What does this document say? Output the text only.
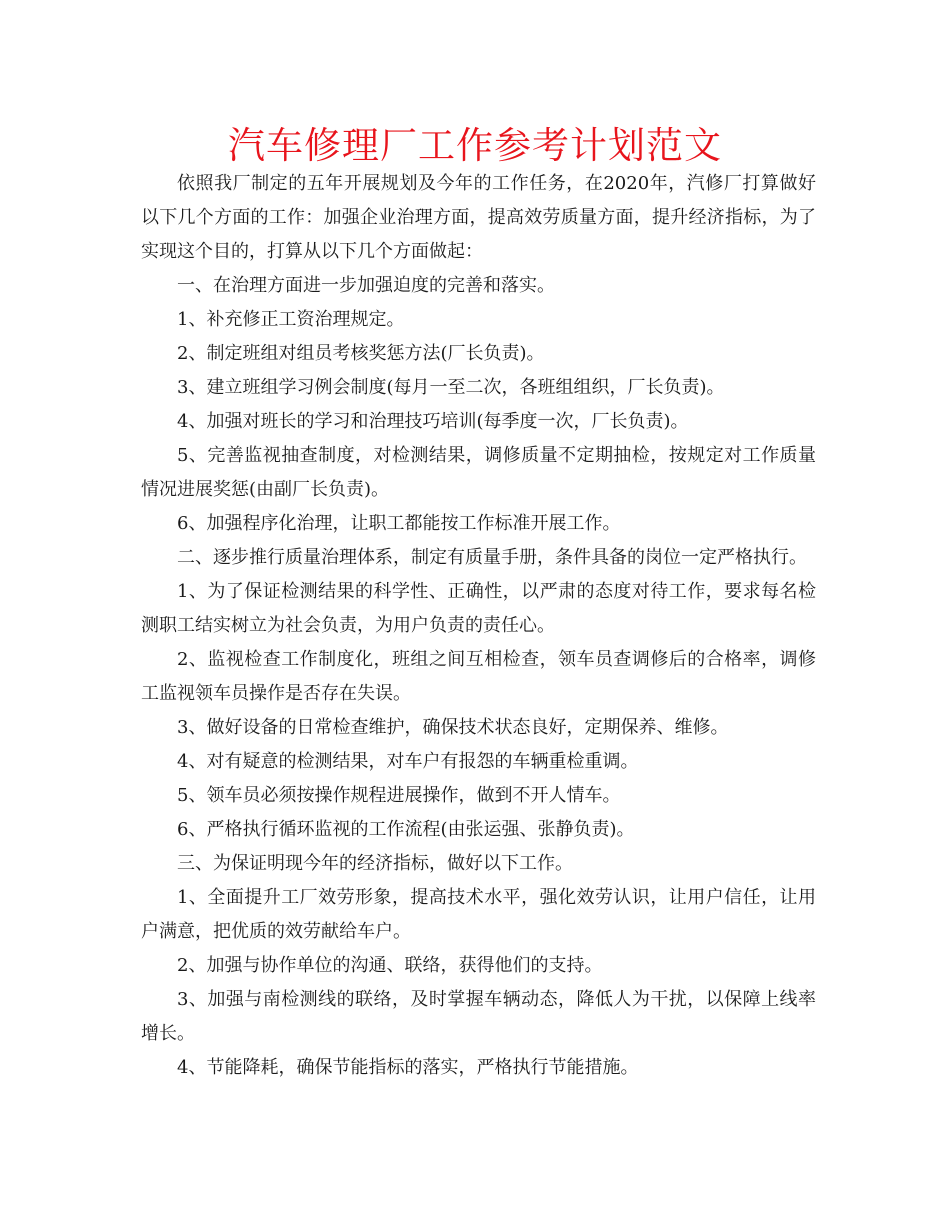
汽车修理厂工作参考计划范文

依照我厂制定的五年开展规划及今年的工作任务，在2020年，汽修厂打算做好以下几个方面的工作：加强企业治理方面，提高效劳质量方面，提升经济指标，为了实现这个目的，打算从以下几个方面做起：

一、在治理方面进一步加强迫度的完善和落实。

1、补充修正工资治理规定。

2、制定班组对组员考核奖惩方法(厂长负责)。

3、建立班组学习例会制度(每月一至二次，各班组组织，厂长负责)。

4、加强对班长的学习和治理技巧培训(每季度一次，厂长负责)。

5、完善监视抽查制度，对检测结果，调修质量不定期抽检，按规定对工作质量情况进展奖惩(由副厂长负责)。

6、加强程序化治理，让职工都能按工作标准开展工作。

二、逐步推行质量治理体系，制定有质量手册，条件具备的岗位一定严格执行。

1、为了保证检测结果的科学性、正确性，以严肃的态度对待工作，要求每名检测职工结实树立为社会负责，为用户负责的责任心。

2、监视检查工作制度化，班组之间互相检查，领车员查调修后的合格率，调修工监视领车员操作是否存在失误。

3、做好设备的日常检查维护，确保技术状态良好，定期保养、维修。

4、对有疑意的检测结果，对车户有报怨的车辆重检重调。

5、领车员必须按操作规程进展操作，做到不开人情车。

6、严格执行循环监视的工作流程(由张运强、张静负责)。

三、为保证明现今年的经济指标，做好以下工作。

1、全面提升工厂效劳形象，提高技术水平，强化效劳认识，让用户信任，让用户满意，把优质的效劳献给车户。

2、加强与协作单位的沟通、联络，获得他们的支持。

3、加强与南检测线的联络，及时掌握车辆动态，降低人为干扰，以保障上线率增长。

4、节能降耗，确保节能指标的落实，严格执行节能措施。
